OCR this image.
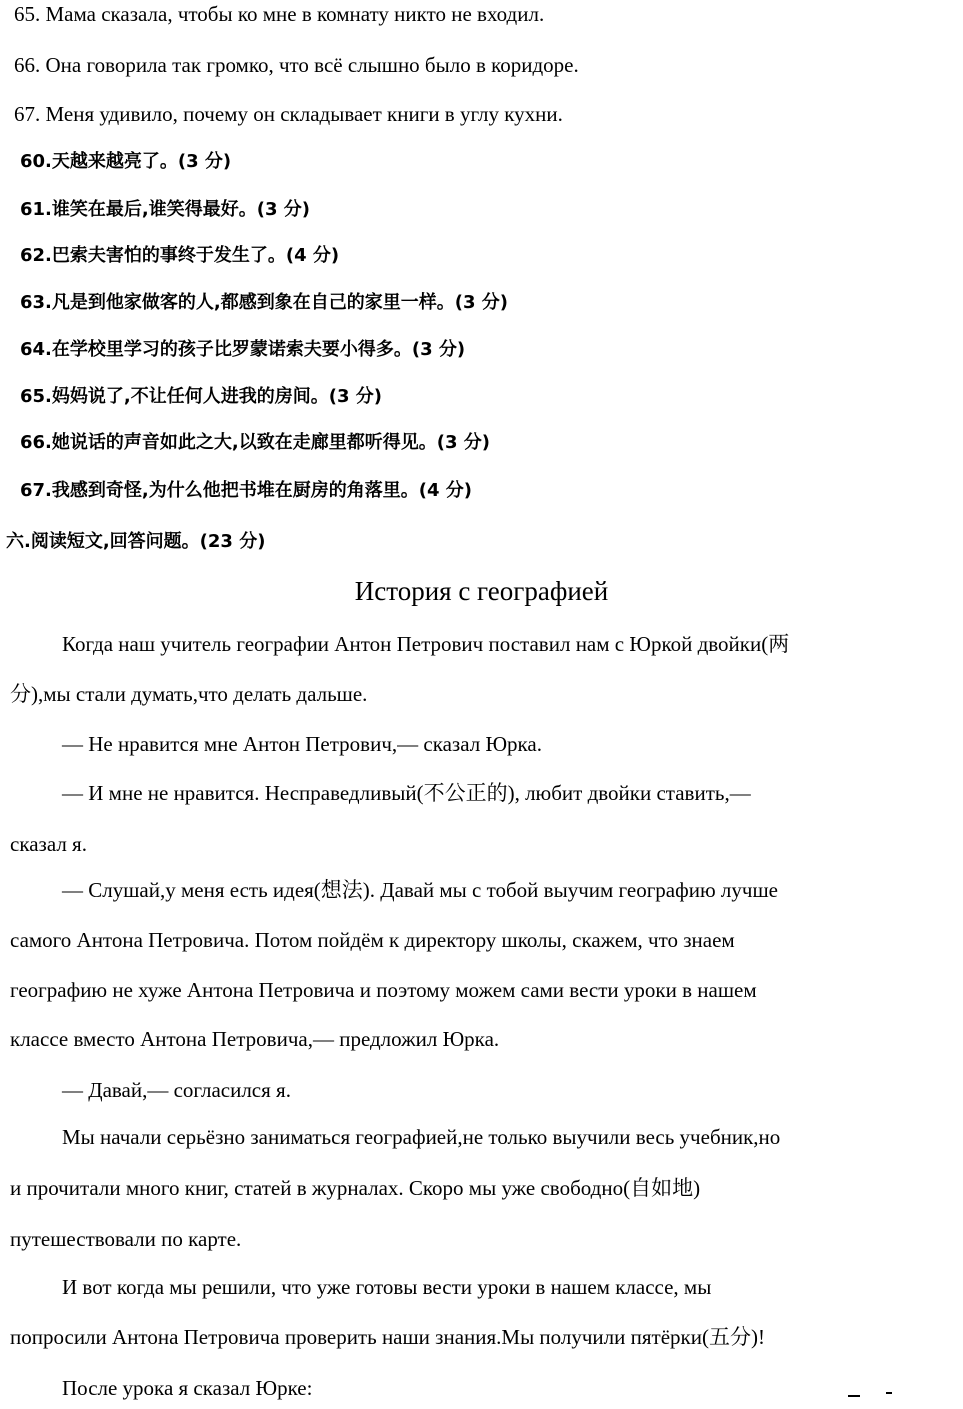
65. Мама сказала, чтобы ко мне в комнату никто не входил.
66. Она говорила так громко, что всё слышно было в коридоре.
67. Меня удивило, почему он складывает книги в углу кухни.
60.天越来越亮了。(3 分)
61.谁笑在最后,谁笑得最好。(3 分)
62.巴索夫害怕的事终于发生了。(4 分)
63.凡是到他家做客的人,都感到象在自己的家里一样。(3 分)
64.在学校里学习的孩子比罗蒙诺索夫要小得多。(3 分)
65.妈妈说了,不让任何人进我的房间。(3 分)
66.她说话的声音如此之大,以致在走廊里都听得见。(3 分)
67.我感到奇怪,为什么他把书堆在厨房的角落里。(4 分)
六.阅读短文,回答问题。(23 分)
История с географией
Когда наш учитель географии Антон Петрович поставил нам с Юркой двойки(两
分),мы стали думать,что делать дальше.
— Не нравится мне Антон Петрович,— сказал Юрка.
— И мне не нравится. Несправедливый(不公正的), любит двойки ставить,—
сказал я.
— Слушай,у меня есть идея(想法). Давай мы с тобой выучим географию лучше
самого Антона Петровича. Потом пойдём к директору школы, скажем, что знаем
географию не хуже Антона Петровича и поэтому можем сами вести уроки в нашем
классе вместо Антона Петровича,— предложил Юрка.
— Давай,— согласился я.
Мы начали серьёзно заниматься географией,не только выучили весь учебник,но
и прочитали много книг, статей в журналах. Скоро мы уже свободно(自如地)
путешествовали по карте.
И вот когда мы решили, что уже готовы вести уроки в нашем классе, мы
попросили Антона Петровича проверить наши знания.Мы получили пятёрки(五分)!
После урока я сказал Юрке:
